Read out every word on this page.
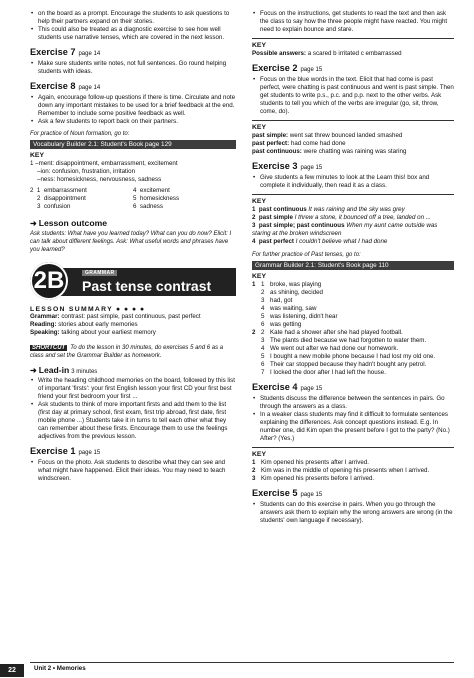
• on the board as a prompt. Encourage the students to ask questions to help their partners expand on their stories.
• This could also be treated as a diagnostic exercise to see how well students use narrative tenses, which are covered in the next lesson.
Exercise 7 page 14
• Make sure students write notes, not full sentences. Go round helping students with ideas.
Exercise 8 page 14
• Again, encourage follow-up questions if there is time. Circulate and note down any important mistakes to be used for a brief feedback at the end. Remember to include some positive feedback as well.
• Ask a few students to report back on their partners.

For practice of Noun formation, go to:

Vocabulary Builder 2.1: Student's Book page 129
KEY

1 –ment: disappointment, embarrassment, excitement

–ion: confusion, frustration, irritation

–ness: homesickness, nervousness, sadness

2 1 embarrassment	4 excitement
2 disappointment	5 homesickness
3 confusion	6 sadness
➜ Lesson outcome

Ask students: What have you learned today? What can you do now? Elicit: I can talk about different feelings. Ask: What useful words and phrases have you learned?

2B	GRAMMAR
Past tense contrast
LESSON SUMMARY ● ● ● ●

Grammar: contrast: past simple, past continuous, past perfect

Reading: stories about early memories

Speaking: talking about your earliest memory

SHORTCUT To do the lesson in 30 minutes, do exercises 5 and 6 as a class and set the Grammar Builder as homework.

➜ Lead-in 3 minutes
• Write the heading childhood memories on the board, followed by this list of important 'firsts': your first English lesson your first CD your first best friend your first bedroom your first ...
• Ask students to think of more important firsts and add them to the list (first day at primary school, first exam, first trip abroad, first date, first mobile phone ...) Students take it in turns to tell each other what they can remember about these firsts. Encourage them to use the feelings adjectives from the previous lesson.
Exercise 1 page 15
• Focus on the photo. Ask students to describe what they can see and what might have happened. Elicit their ideas. You may need to teach windscreen.
• Focus on the instructions, get students to read the text and then ask the class to say how the three people might have reacted. You might need to explain bounce and stare.
KEY

Possible answers: a scared b irritated c embarrassed

Exercise 2 page 15
• Focus on the blue words in the text. Elicit that had come is past perfect, were chatting is past continuous and went is past simple. Then get students to write p.s., p.c. and p.p. next to the other verbs. Ask students to tell you which of the verbs are irregular (go, sit, throw, come, do).
KEY

past simple: went sat threw bounced landed smashed

past perfect: had come had done

past continuous: were chatting was raining was staring

Exercise 3 page 15
• Give students a few minutes to look at the Learn this! box and complete it individually, then read it as a class.
KEY

1 past continuous It was raining and the sky was grey

2 past simple I threw a stone, it bounced off a tree, landed on ...

3 past simple; past continuous When my aunt came outside was staring at the broken windscreen

4 past perfect I couldn't believe what I had done

For further practice of Past tenses, go to:

Grammar Builder 2.1: Student's Book page 110
KEY

1 1 broke, was playing

2 as shining, decided

3 had, got

4 was waiting, saw

5 was listening, didn't hear

6 was getting

2 2 Kate had a shower after she had played football.

3 The plants died because we had forgotten to water them.

4 We went out after we had done our homework.

5 I bought a new mobile phone because I had lost my old one.

6 Their car stopped because they hadn't bought any petrol.

7 I locked the door after I had left the house.

Exercise 4 page 15
• Students discuss the difference between the sentences in pairs. Go through the answers as a class.
• In a weaker class students may find it difficult to formulate sentences explaining the differences. Ask concept questions instead. E.g. In number one, did Kim open the present before I got to the party? (No.) After? (Yes.)
KEY

1 Kim opened his presents after I arrived.

2 Kim was in the middle of opening his presents when I arrived.

3 Kim opened his presents before I arrived.

Exercise 5 page 15
• Students can do this exercise in pairs. When you go through the answers ask them to explain why the wrong answers are wrong (in the students' own language if necessary).
22	Unit 2 • Memories
